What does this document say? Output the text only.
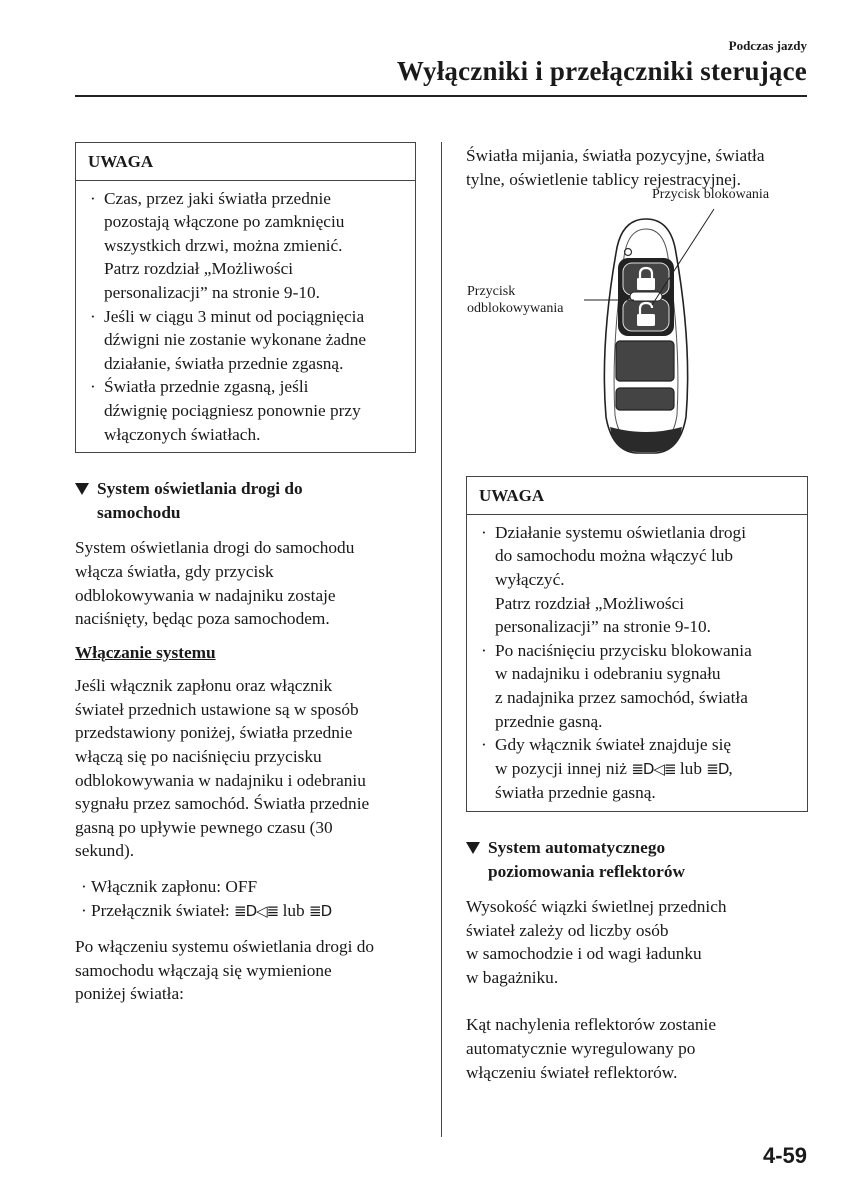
Podczas jazdy
Wyłączniki i przełączniki sterujące
UWAGA
· Czas, przez jaki światła przednie
pozostają włączone po zamknięciu
wszystkich drzwi, można zmienić.
Patrz rozdział „Możliwości
personalizacji” na stronie 9-10.
· Jeśli w ciągu 3 minut od pociągnięcia
dźwigni nie zostanie wykonane żadne
działanie, światła przednie zgasną.
· Światła przednie zgasną, jeśli
dźwignię pociągniesz ponownie przy
włączonych światłach.
System oświetlania drogi do
samochodu
System oświetlania drogi do samochodu
włącza światła, gdy przycisk
odblokowywania w nadajniku zostaje
naciśnięty, będąc poza samochodem.
Włączanie systemu
Jeśli włącznik zapłonu oraz włącznik
świateł przednich ustawione są w sposób
przedstawiony poniżej, światła przednie
włączą się po naciśnięciu przycisku
odblokowywania w nadajniku i odebraniu
sygnału przez samochód. Światła przednie
gasną po upływie pewnego czasu (30
sekund).
· Włącznik zapłonu: OFF
· Przełącznik świateł: ≣D◁≣ lub ≣D
Po włączeniu systemu oświetlania drogi do
samochodu włączają się wymienione
poniżej światła:
Światła mijania, światła pozycyjne, światła
tylne, oświetlenie tablicy rejestracyjnej.
Przycisk blokowania
Przycisk
odblokowywania
UWAGA
· Działanie systemu oświetlania drogi
do samochodu można włączyć lub
wyłączyć.
Patrz rozdział „Możliwości
personalizacji” na stronie 9-10.
· Po naciśnięciu przycisku blokowania
w nadajniku i odebraniu sygnału
z nadajnika przez samochód, światła
przednie gasną.
· Gdy włącznik świateł znajduje się
w pozycji innej niż ≣D◁≣ lub ≣D,
światła przednie gasną.
System automatycznego
poziomowania reflektorów
Wysokość wiązki świetlnej przednich
świateł zależy od liczby osób
w samochodzie i od wagi ładunku
w bagażniku.
Kąt nachylenia reflektorów zostanie
automatycznie wyregulowany po
włączeniu świateł reflektorów.
4-59
